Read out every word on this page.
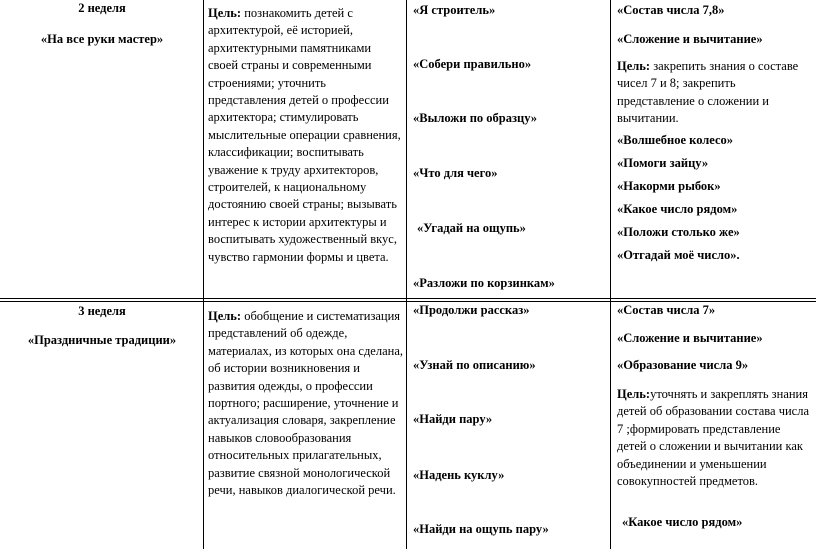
2 неделя

«На все руки мастер»

Цель: познакомить детей с архитектурой, её историей, архитектурными памятниками своей страны и современными строениями; уточнить представления детей о профессии архитектора; стимулировать мыслительные операции сравнения, классификации; воспитывать уважение к труду архитекторов, строителей, к национальному достоянию своей страны; вызывать интерес к истории архитектуры и воспитывать художественный вкус, чувство гармонии формы и цвета.

«Я строитель»

«Собери правильно»

«Выложи по образцу»

«Что для чего»

«Угадай на ощупь»

«Разложи по корзинкам»

«Состав числа 7,8»

«Сложение и вычитание»

Цель: закрепить знания о составе чисел 7 и 8; закрепить представление о сложении и вычитании.

«Волшебное колесо»

«Помоги зайцу»

«Накорми рыбок»

«Какое число рядом»

«Положи столько же»

«Отгадай моё число».

3 неделя

«Праздничные традиции»

Цель: обобщение и систематизация представлений об одежде, материалах, из которых она сделана, об истории возникновения и развития одежды, о профессии портного; расширение, уточнение и актуализация словаря, закрепление навыков словообразования относительных прилагательных, развитие связной монологической речи, навыков диалогической речи.

«Продолжи рассказ»

«Узнай по описанию»

«Найди пару»

«Надень куклу»

«Найди на ощупь пару»

«Состав числа 7»

«Сложение и вычитание»

«Образование числа 9»

Цель:уточнять и закреплять знания детей об образовании состава числа 7 ;формировать представление детей о сложении и вычитании как объединении и уменьшении совокупностей предметов.

«Какое число рядом»
